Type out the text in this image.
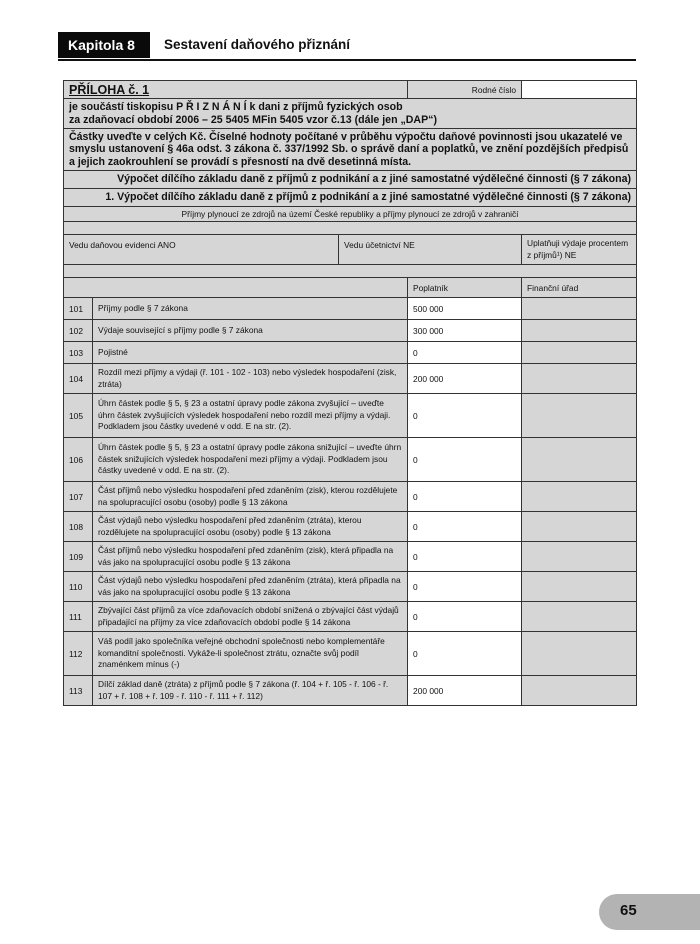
Kapitola 8	Sestavení daňového přiznání
PŘÍLOHA č. 1			Rodné číslo	
je součástí tiskopisu P Ř I Z N Á N Í k dani z příjmů fyzických osob
za zdaňovací období 2006 – 25 5405 MFin 5405 vzor č.13 (dále jen „DAP“)				
Částky uveďte v celých Kč. Číselné hodnoty počítané v průběhu výpočtu daňové povinnosti jsou ukazatelé ve smyslu ustanovení § 46a odst. 3 zákona č. 337/1992 Sb. o správě daní a poplatků, ve znění pozdějších předpisů a jejich zaokrouhlení se provádí s přesností na dvě desetinná místa.				
Výpočet dílčího základu daně z příjmů z podnikání a z jiné samostatné výdělečné činnosti (§ 7 zákona)				
1. Výpočet dílčího základu daně z příjmů z podnikání a z jiné samostatné výdělečné činnosti (§ 7 zákona)				
Příjmy plynoucí ze zdrojů na území České republiky a příjmy plynoucí ze zdrojů v zahraničí				

Vedu daňovou evidenci ANO		Vedu účetnictví NE		Uplatňuji výdaje procentem z příjmů¹) NE

			Poplatník	Finanční úřad
101	Příjmy podle § 7 zákona		500 000	
102	Výdaje související s příjmy podle § 7 zákona		300 000	
103	Pojistné		0	
104	Rozdíl mezi příjmy a výdaji (ř. 101 - 102 - 103) nebo výsledek hospodaření (zisk, ztráta)		200 000	
105	Úhrn částek podle § 5, § 23 a ostatní úpravy podle zákona zvyšující – uveďte úhrn částek zvyšujících výsledek hospodaření nebo rozdíl mezi příjmy a výdaji. Podkladem jsou částky uvedené v odd. E na str. (2).		0	
106	Úhrn částek podle § 5, § 23 a ostatní úpravy podle zákona snižující – uveďte úhrn částek snižujících výsledek hospodaření mezi příjmy a výdaji. Podkladem jsou částky uvedené v odd. E na str. (2).		0	
107	Část příjmů nebo výsledku hospodaření před zdaněním (zisk), kterou rozdělujete na spolupracující osobu (osoby) podle § 13 zákona		0	
108	Část výdajů nebo výsledku hospodaření před zdaněním (ztráta), kterou rozdělujete na spolupracující osobu (osoby) podle § 13 zákona		0	
109	Část příjmů nebo výsledku hospodaření před zdaněním (zisk), která připadla na vás jako na spolupracující osobu podle § 13 zákona		0	
110	Část výdajů nebo výsledku hospodaření před zdaněním (ztráta), která připadla na vás jako na spolupracující osobu podle § 13 zákona		0	
111	Zbývající část příjmů za více zdaňovacích období snížená o zbývající část výdajů připadající na příjmy za více zdaňovacích období podle § 14 zákona		0	
112	Váš podíl jako společníka veřejné obchodní společnosti nebo komplementáře komanditní společnosti. Vykáže-li společnost ztrátu, označte svůj podíl znaménkem mínus (-)		0	
113	Dílčí základ daně (ztráta) z příjmů podle § 7 zákona (ř. 104 + ř. 105 - ř. 106 - ř. 107 + ř. 108 + ř. 109 - ř. 110 - ř. 111 + ř. 112)		200 000	
65
